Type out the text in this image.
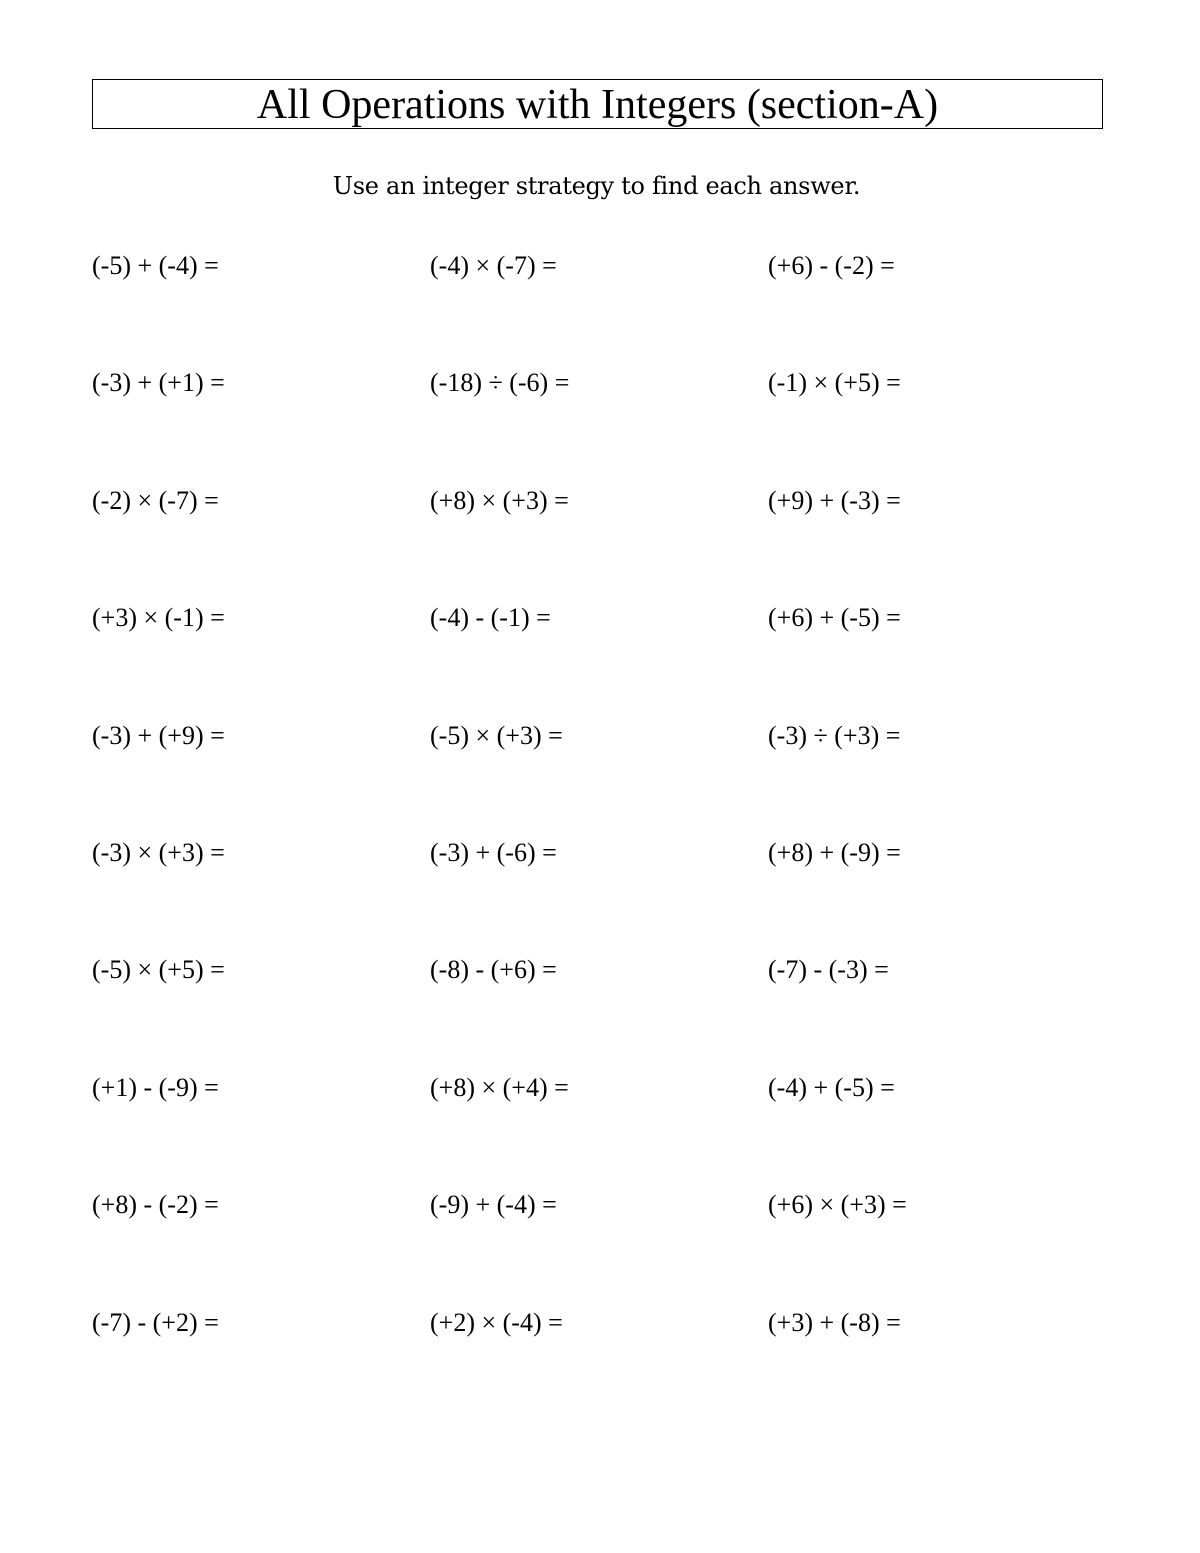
All Operations with Integers (section-A)
Use an integer strategy to find each answer.
(-5) + (-4) =	(-4) × (-7) =	(+6) - (-2) =
(-3) + (+1) =	(-18) ÷ (-6) =	(-1) × (+5) =
(-2) × (-7) =	(+8) × (+3) =	(+9) + (-3) =
(+3) × (-1) =	(-4) - (-1) =	(+6) + (-5) =
(-3) + (+9) =	(-5) × (+3) =	(-3) ÷ (+3) =
(-3) × (+3) =	(-3) + (-6) =	(+8) + (-9) =
(-5) × (+5) =	(-8) - (+6) =	(-7) - (-3) =
(+1) - (-9) =	(+8) × (+4) =	(-4) + (-5) =
(+8) - (-2) =	(-9) + (-4) =	(+6) × (+3) =
(-7) - (+2) =	(+2) × (-4) =	(+3) + (-8) =
